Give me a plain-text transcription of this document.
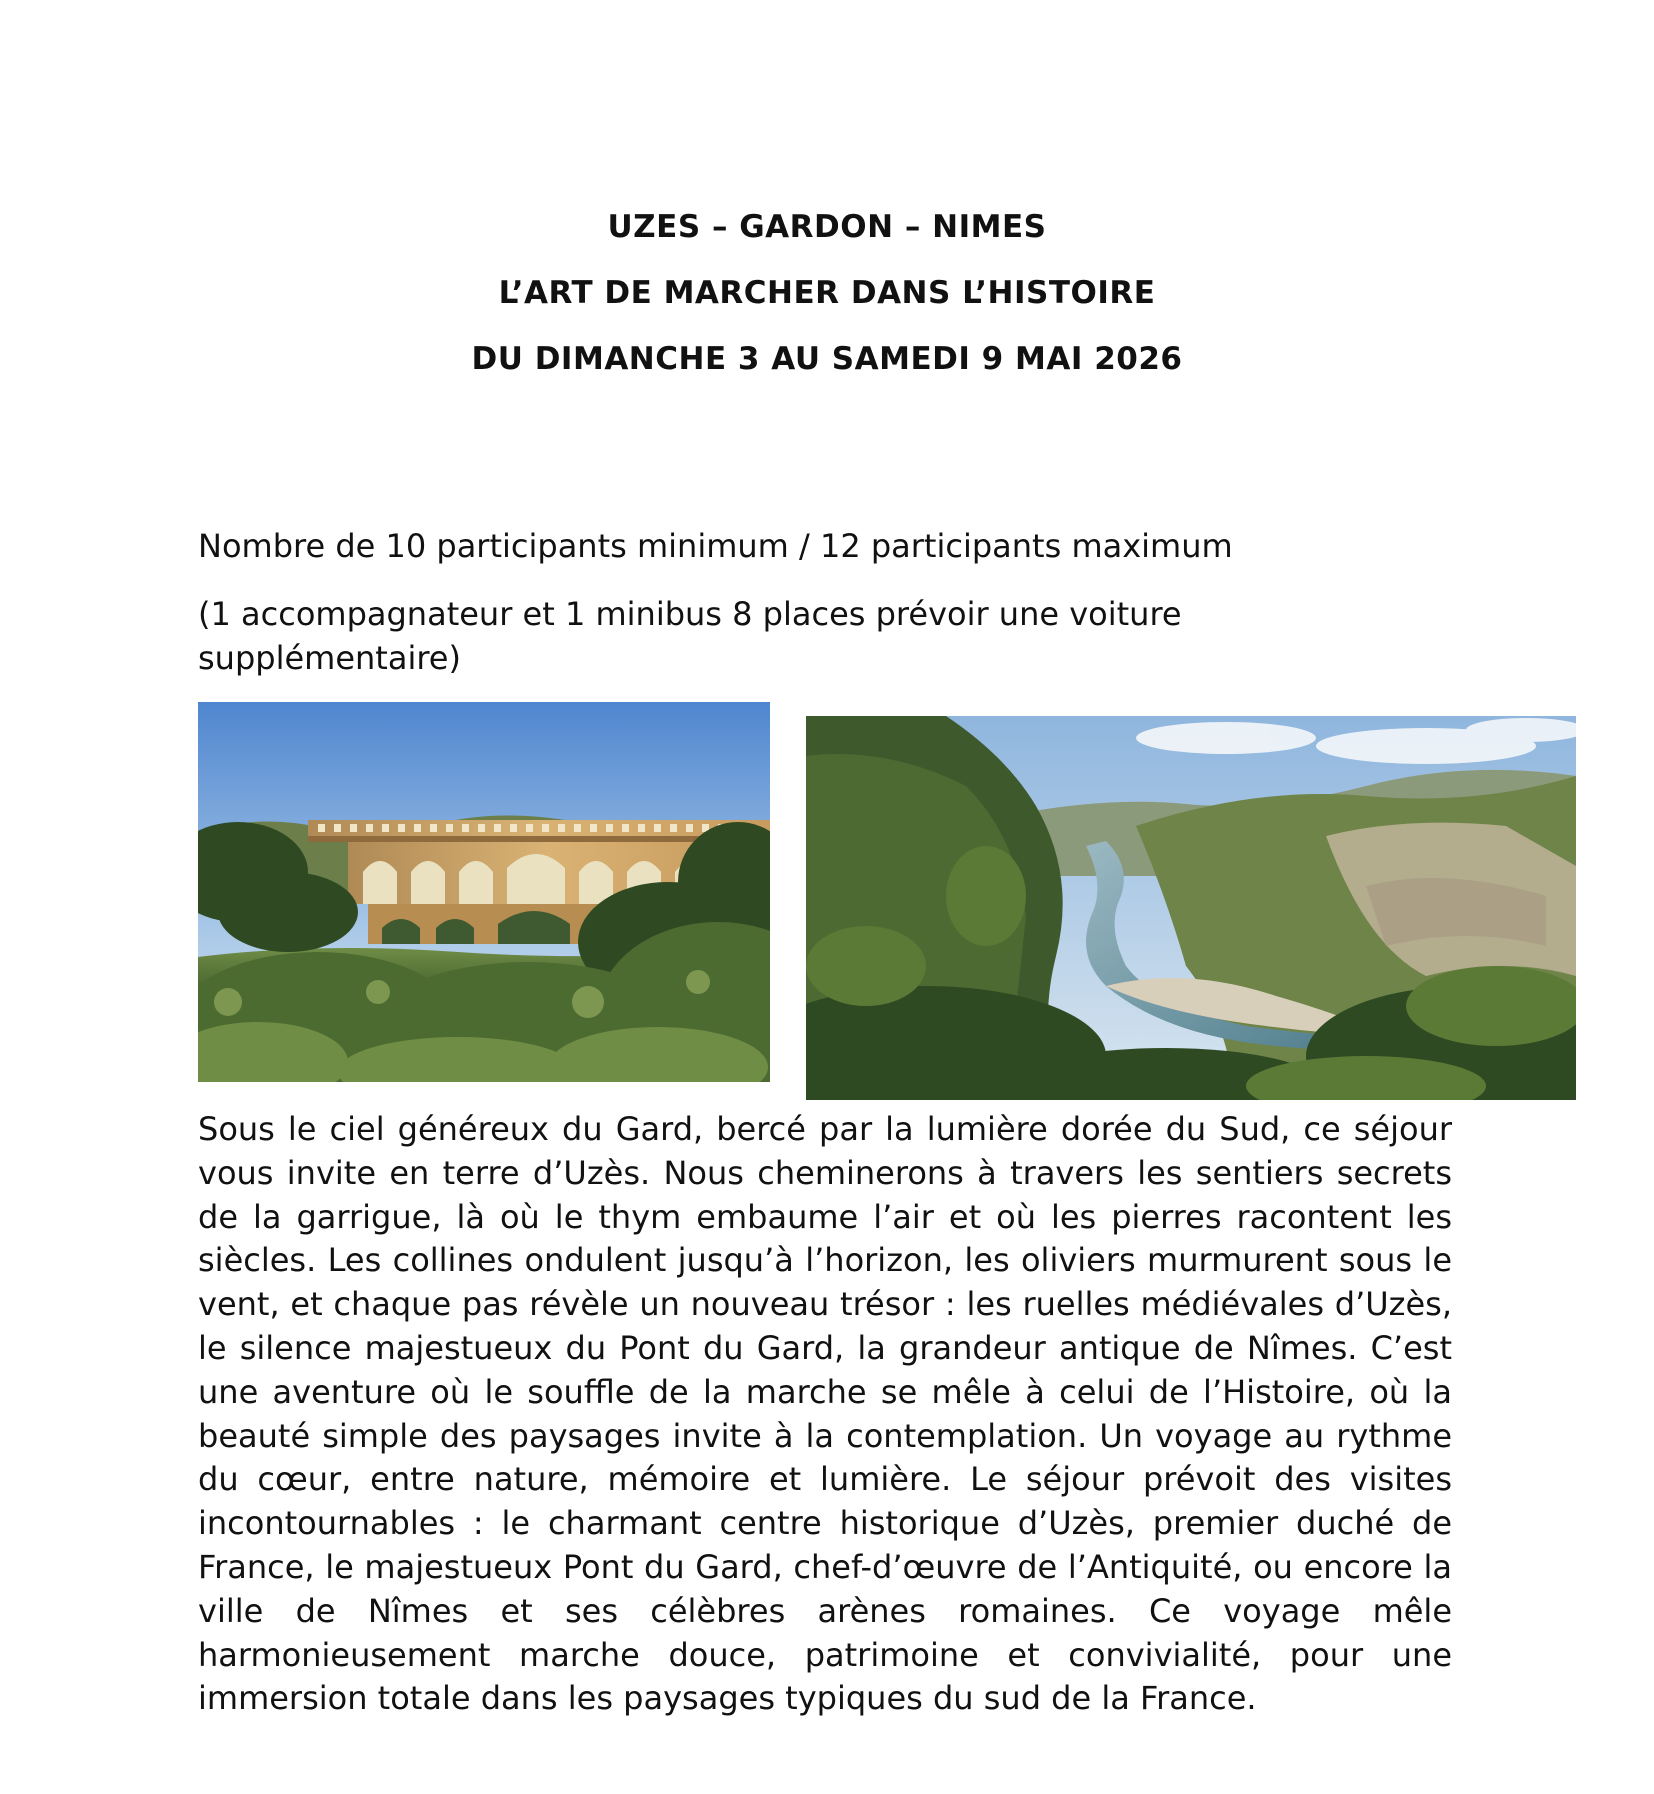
UZES – GARDON – NIMES

L’ART DE MARCHER DANS L’HISTOIRE

DU DIMANCHE 3 AU SAMEDI 9 MAI 2026

Nombre de 10 participants minimum / 12 participants maximum

(1 accompagnateur et 1 minibus 8 places prévoir une voiture supplémentaire)

Sous le ciel généreux du Gard, bercé par la lumière dorée du Sud, ce séjour vous invite en terre d’Uzès. Nous cheminerons à travers les sentiers secrets de la garrigue, là où le thym embaume l’air et où les pierres racontent les siècles. Les collines ondulent jusqu’à l’horizon, les oliviers murmurent sous le vent, et chaque pas révèle un nouveau trésor : les ruelles médiévales d’Uzès, le silence majestueux du Pont du Gard, la grandeur antique de Nîmes. C’est une aventure où le souffle de la marche se mêle à celui de l’Histoire, où la beauté simple des paysages invite à la contemplation. Un voyage au rythme du cœur, entre nature, mémoire et lumière. Le séjour prévoit des visites incontournables : le charmant centre historique d’Uzès, premier duché de France, le majestueux Pont du Gard, chef-d’œuvre de l’Antiquité, ou encore la ville de Nîmes et ses célèbres arènes romaines. Ce voyage mêle harmonieusement marche douce, patrimoine et convivialité, pour une immersion totale dans les paysages typiques du sud de la France.
